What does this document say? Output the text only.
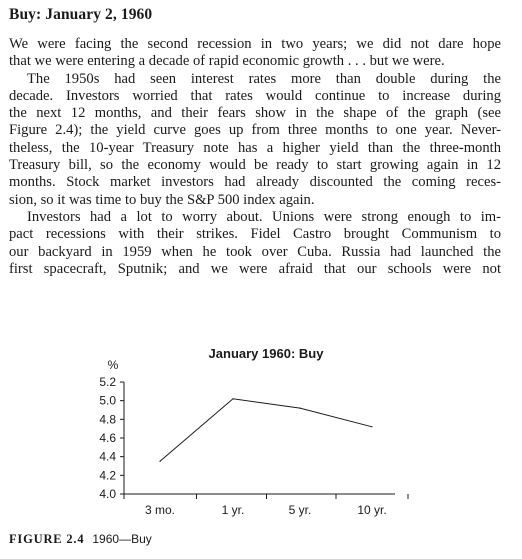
Buy: January 2, 1960
We were facing the second recession in two years; we did not dare hope
that we were entering a decade of rapid economic growth . . . but we were.
The 1950s had seen interest rates more than double during the
decade. Investors worried that rates would continue to increase during
the next 12 months, and their fears show in the shape of the graph (see
Figure 2.4); the yield curve goes up from three months to one year. Never-
theless, the 10-year Treasury note has a higher yield than the three-month
Treasury bill, so the economy would be ready to start growing again in 12
months. Stock market investors had already discounted the coming reces-
sion, so it was time to buy the S&P 500 index again.
Investors had a lot to worry about. Unions were strong enough to im-
pact recessions with their strikes. Fidel Castro brought Communism to
our backyard in 1959 when he took over Cuba. Russia had launched the
first spacecraft, Sputnik; and we were afraid that our schools were not
January 1960: Buy
%
5.2
5.0
4.8
4.6
4.4
4.2
4.0
3 mo.	1 yr.	5 yr.	10 yr.
FIGURE 2.4 1960—Buy
